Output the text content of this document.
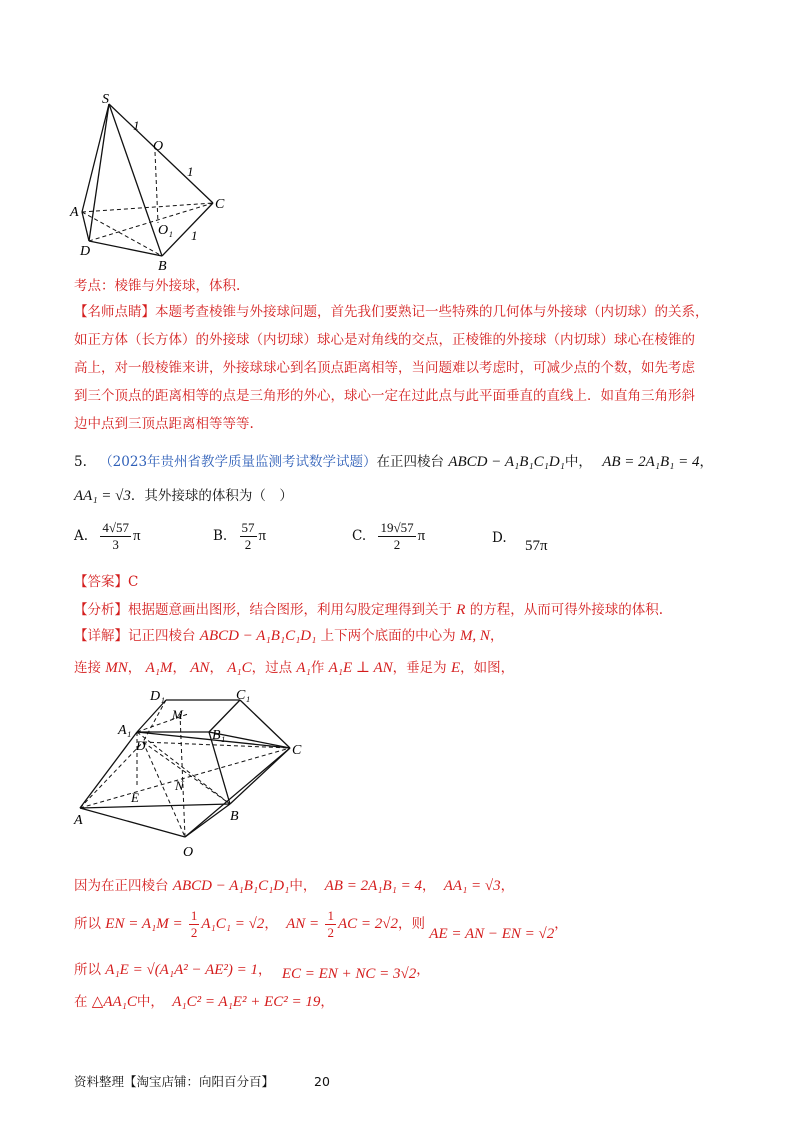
S
1
O
1
A
C
O₁ 1
D
B
考点：棱锥与外接球，体积.
【名师点睛】本题考查棱锥与外接球问题，首先我们要熟记一些特殊的几何体与外接球（内切球）的关系，
如正方体（长方体）的外接球（内切球）球心是对角线的交点，正棱锥的外接球（内切球）球心在棱锥的
高上，对一般棱锥来讲，外接球球心到名顶点距离相等，当问题难以考虑时，可减少点的个数，如先考虑
到三个顶点的距离相等的点是三角形的外心，球心一定在过此点与此平面垂直的直线上．如直角三角形斜
边中点到三顶点距离相等等等.
5. （2023年贵州省教学质量监测考试数学试题）在正四棱台 ABCD − A₁B₁C₁D₁中， AB = 2A₁B₁ = 4，
AA₁ = √3．其外接球的体积为（　）
A. $\frac{4√57}{3}$ π	B. $\frac{57}{2}$ π	C. $\frac{19√57}{2}$ π	D. 57π
【答案】C
【分析】根据题意画出图形，结合图形，利用勾股定理得到关于 R 的方程，从而可得外接球的体积.
【详解】记正四棱台 ABCD − A₁B₁C₁D₁ 上下两个底面的中心为 M, N，
连接 MN， A₁M， AN， A₁C，过点 A₁作 A₁E ⊥ AN，垂足为 E，如图，
D₁	C₁
M
A₁	B₁
D	C
N
E
A	B
O
因为在正四棱台 ABCD − A₁B₁C₁D₁中， AB = 2A₁B₁ = 4， AA₁ = √3，
所以 EN = $A_1M = \frac{1}{2} A_1C_1 = √2$， AN = $\frac{1}{2}$ AC = 2√2，则 AE = AN − EN = √2，
所以 A₁E = √(A₁A² − AE²) = 1， EC = EN + NC = 3√2，
在 △AA₁C中， A₁C² = A₁E² + EC² = 19，
资料整理【淘宝店铺：向阳百分百】	20
